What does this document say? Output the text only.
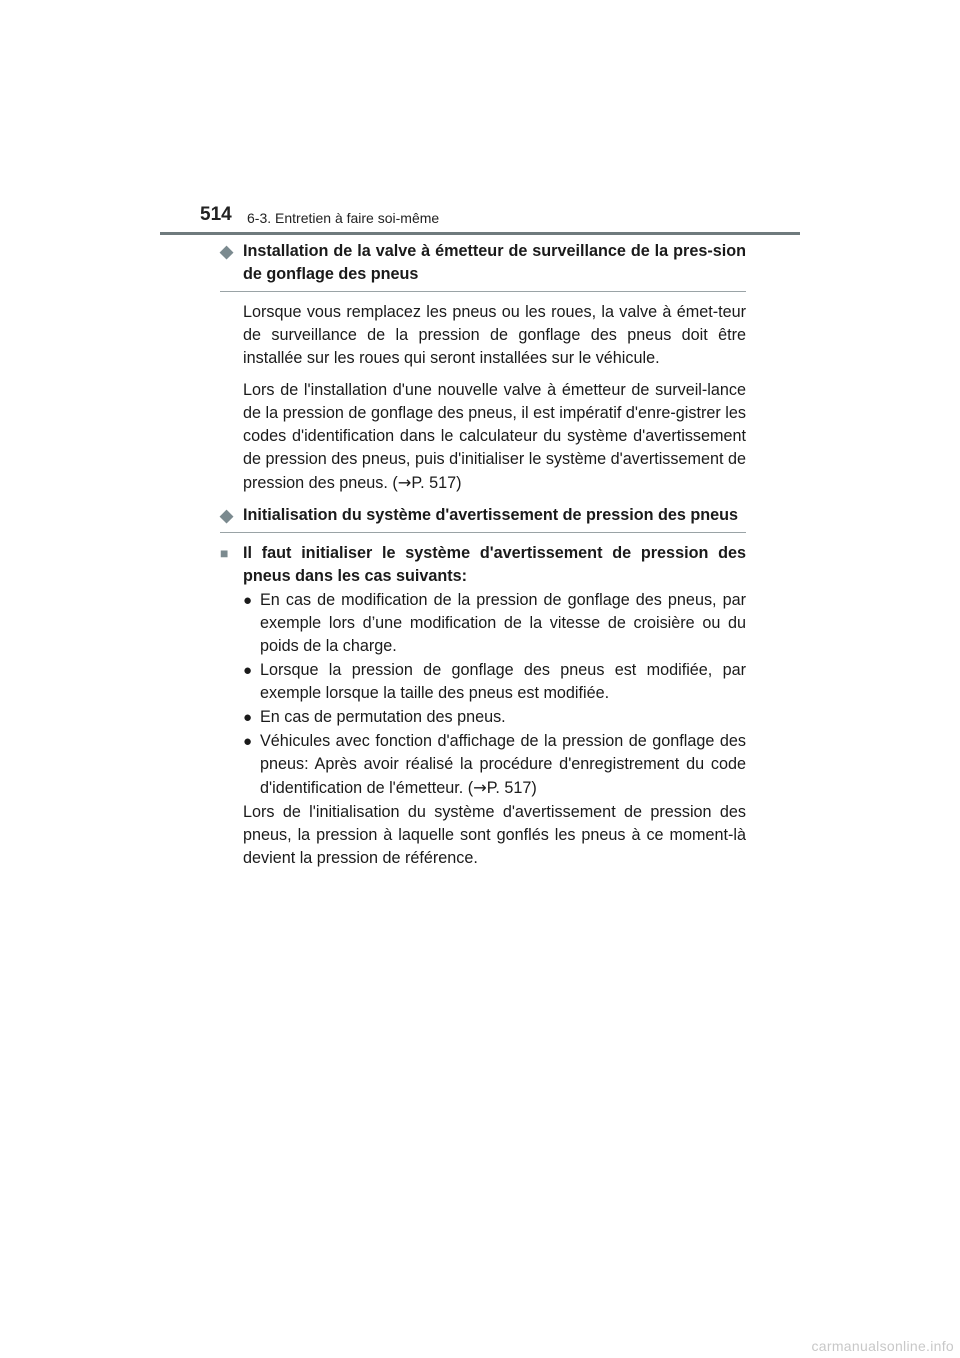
514 6-3. Entretien à faire soi-même
◆ Installation de la valve à émetteur de surveillance de la pres-sion de gonflage des pneus

Lorsque vous remplacez les pneus ou les roues, la valve à émet-teur de surveillance de la pression de gonflage des pneus doit être installée sur les roues qui seront installées sur le véhicule.

Lors de l'installation d'une nouvelle valve à émetteur de surveil-lance de la pression de gonflage des pneus, il est impératif d'enre-gistrer les codes d'identification dans le calculateur du système d'avertissement de pression des pneus, puis d'initialiser le système d'avertissement de pression des pneus. (→P. 517)

◆ Initialisation du système d'avertissement de pression des pneus
■ Il faut initialiser le système d'avertissement de pression des pneus dans les cas suivants:
● En cas de modification de la pression de gonflage des pneus, par exemple lors d’une modification de la vitesse de croisière ou du poids de la charge.
● Lorsque la pression de gonflage des pneus est modifiée, par exemple lorsque la taille des pneus est modifiée.
● En cas de permutation des pneus.
● Véhicules avec fonction d'affichage de la pression de gonflage des pneus: Après avoir réalisé la procédure d'enregistrement du code d'identification de l'émetteur. (→P. 517)

Lors de l'initialisation du système d'avertissement de pression des pneus, la pression à laquelle sont gonflés les pneus à ce moment-là devient la pression de référence.

carmanualsonline.info
